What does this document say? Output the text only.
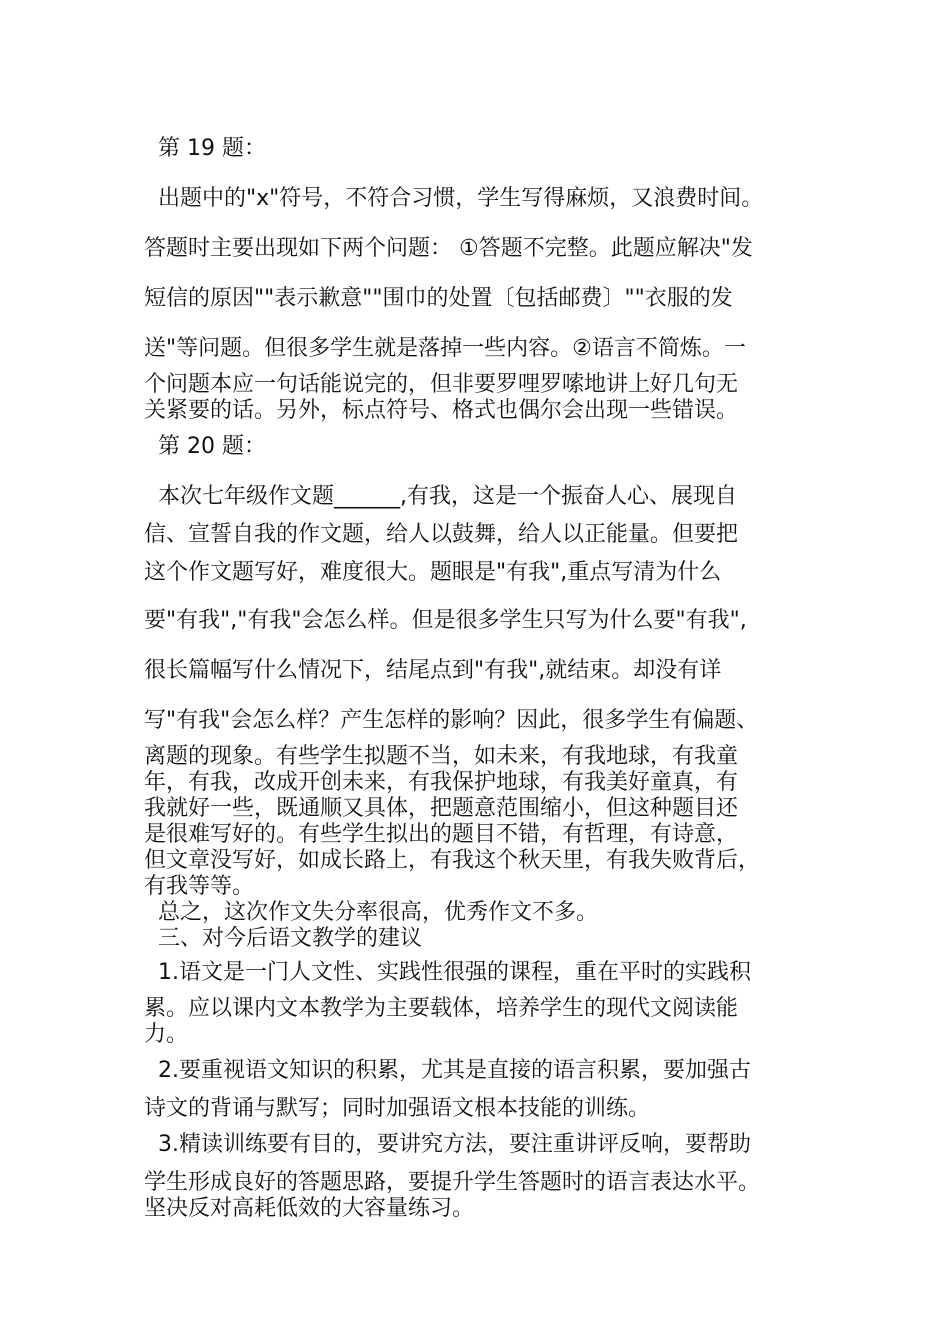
第 19 题：
出题中的"x"符号，不符合习惯，学生写得麻烦，又浪费时间。
答题时主要出现如下两个问题： ①答题不完整。此题应解决"发
短信的原因""表示歉意""围巾的处置〔包括邮费〕""衣服的发
送"等问题。但很多学生就是落掉一些内容。②语言不简炼。一
个问题本应一句话能说完的，但非要罗哩罗嗦地讲上好几句无
关紧要的话。另外，标点符号、格式也偶尔会出现一些错误。
第 20 题：
本次七年级作文题______,有我，这是一个振奋人心、展现自
信、宣誓自我的作文题，给人以鼓舞，给人以正能量。但要把
这个作文题写好，难度很大。题眼是"有我",重点写清为什么
要"有我","有我"会怎么样。但是很多学生只写为什么要"有我",
很长篇幅写什么情况下，结尾点到"有我",就结束。却没有详
写"有我"会怎么样？产生怎样的影响？因此，很多学生有偏题、
离题的现象。有些学生拟题不当，如未来，有我地球，有我童
年，有我，改成开创未来，有我保护地球，有我美好童真，有
我就好一些，既通顺又具体，把题意范围缩小，但这种题目还
是很难写好的。有些学生拟出的题目不错，有哲理，有诗意，
但文章没写好，如成长路上，有我这个秋天里，有我失败背后，
有我等等。
总之，这次作文失分率很高，优秀作文不多。
三、对今后语文教学的建议
1.语文是一门人文性、实践性很强的课程，重在平时的实践积
累。应以课内文本教学为主要载体，培养学生的现代文阅读能
力。
2.要重视语文知识的积累，尤其是直接的语言积累，要加强古
诗文的背诵与默写；同时加强语文根本技能的训练。
3.精读训练要有目的，要讲究方法，要注重讲评反响，要帮助
学生形成良好的答题思路，要提升学生答题时的语言表达水平。
坚决反对高耗低效的大容量练习。
